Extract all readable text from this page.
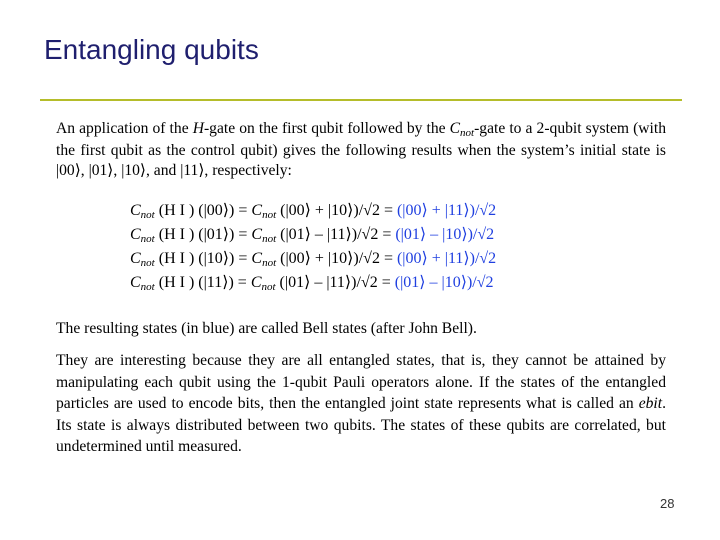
Entangling qubits
An application of the H-gate on the first qubit followed by the Cnot-gate to a 2-qubit system (with the first qubit as the control qubit) gives the following results when the system’s initial state is |00⟩, |01⟩, |10⟩, and |11⟩, respectively:
Cnot (H I ) (|00⟩) = Cnot (|00⟩ + |10⟩)/√2 = (|00⟩ + |11⟩)/√2
Cnot (H I ) (|01⟩) = Cnot (|01⟩ – |11⟩)/√2 = (|01⟩ – |10⟩)/√2
Cnot (H I ) (|10⟩) = Cnot (|00⟩ + |10⟩)/√2 = (|00⟩ + |11⟩)/√2
Cnot (H I ) (|11⟩) = Cnot (|01⟩ – |11⟩)/√2 = (|01⟩ – |10⟩)/√2
The resulting states (in blue) are called Bell states (after John Bell).
They are interesting because they are all entangled states, that is, they cannot be attained by manipulating each qubit using the 1-qubit Pauli operators alone. If the states of the entangled particles are used to encode bits, then the entangled joint state represents what is called an ebit. Its state is always distributed between two qubits. The states of these qubits are correlated, but undetermined until measured.
28
